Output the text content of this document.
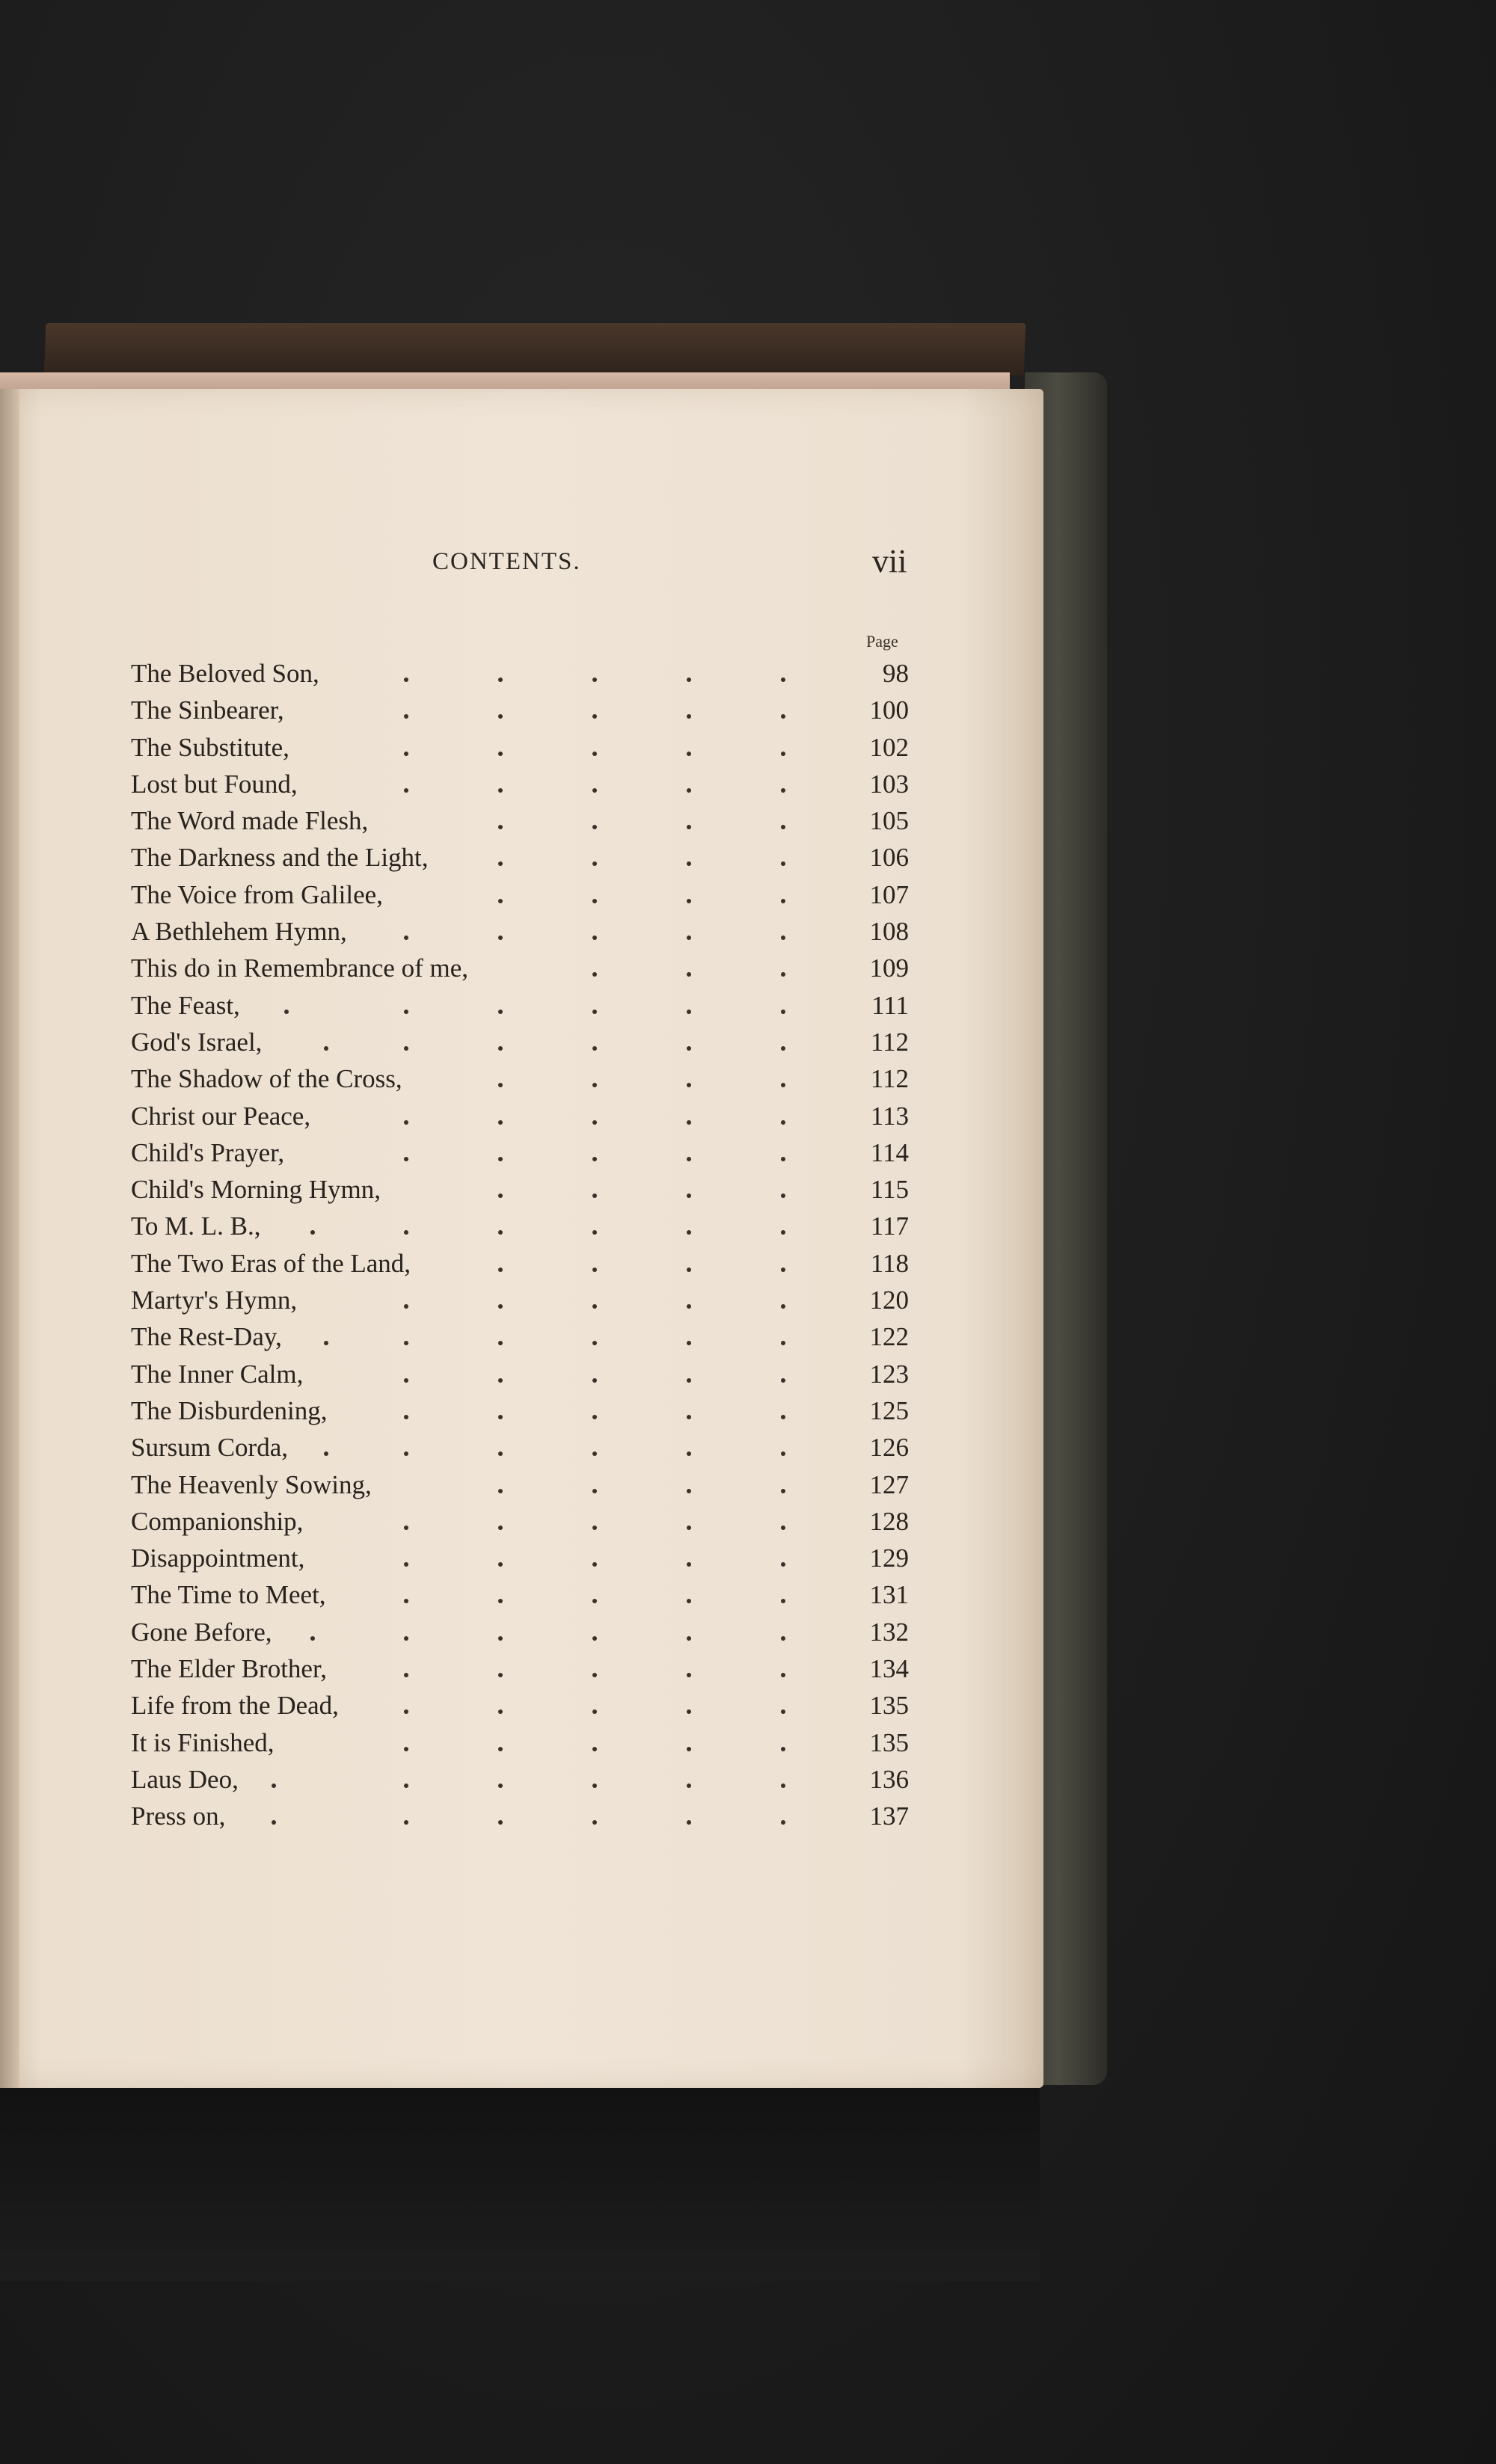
CONTENTS.	vii
Page
The Beloved Son,	98
The Sinbearer,	100
The Substitute,	102
Lost but Found,	103
The Word made Flesh,	105
The Darkness and the Light,	106
The Voice from Galilee,	107
A Bethlehem Hymn,	108
This do in Remembrance of me,	109
The Feast,	111
God's Israel,	112
The Shadow of the Cross,	112
Christ our Peace,	113
Child's Prayer,	114
Child's Morning Hymn,	115
To M. L. B.,	117
The Two Eras of the Land,	118
Martyr's Hymn,	120
The Rest-Day,	122
The Inner Calm,	123
The Disburdening,	125
Sursum Corda,	126
The Heavenly Sowing,	127
Companionship,	128
Disappointment,	129
The Time to Meet,	131
Gone Before,	132
The Elder Brother,	134
Life from the Dead,	135
It is Finished,	135
Laus Deo,	136
Press on,	137
